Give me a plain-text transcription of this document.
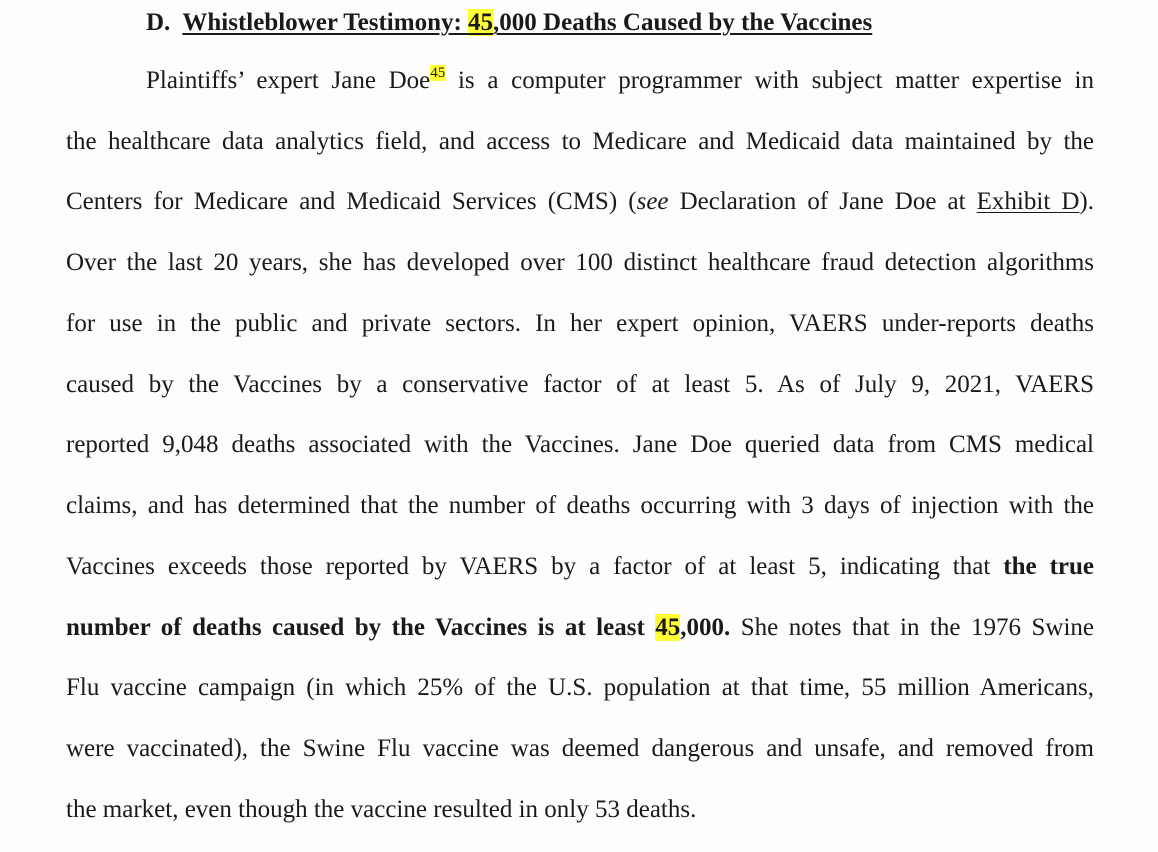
D. Whistleblower Testimony: 45,000 Deaths Caused by the Vaccines
Plaintiffs’ expert Jane Doe$^{45}$ is a computer programmer with subject matter expertise in
the healthcare data analytics field, and access to Medicare and Medicaid data maintained by the
Centers for Medicare and Medicaid Services (CMS) (see Declaration of Jane Doe at Exhibit D).
Over the last 20 years, she has developed over 100 distinct healthcare fraud detection algorithms
for use in the public and private sectors. In her expert opinion, VAERS under-reports deaths
caused by the Vaccines by a conservative factor of at least 5. As of July 9, 2021, VAERS
reported 9,048 deaths associated with the Vaccines. Jane Doe queried data from CMS medical
claims, and has determined that the number of deaths occurring with 3 days of injection with the
Vaccines exceeds those reported by VAERS by a factor of at least 5, indicating that the true
number of deaths caused by the Vaccines is at least 45,000. She notes that in the 1976 Swine
Flu vaccine campaign (in which 25% of the U.S. population at that time, 55 million Americans,
were vaccinated), the Swine Flu vaccine was deemed dangerous and unsafe, and removed from
the market, even though the vaccine resulted in only 53 deaths.
